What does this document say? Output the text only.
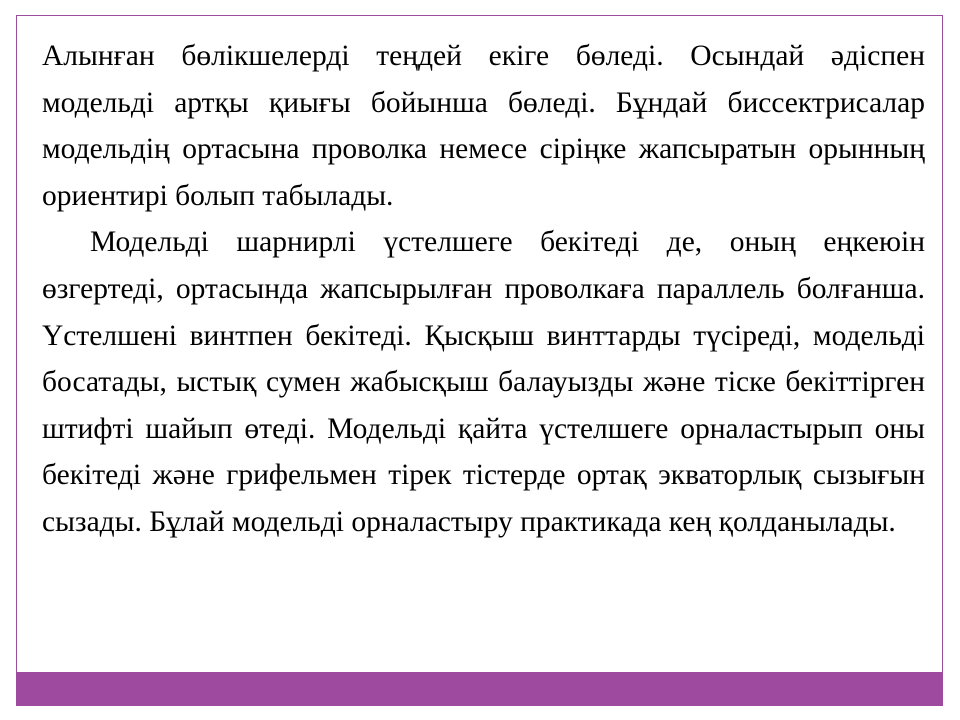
Алынған бөлікшелерді теңдей екіге бөледі. Осындай әдіспен модельді артқы қиығы бойынша бөледі. Бұндай биссектрисалар модельдің ортасына проволка немесе сіріңке жапсыратын орынның ориентирі болып табылады.

Модельді шарнирлі үстелшеге бекітеді де, оның еңкеюін өзгертеді, ортасында жапсырылған проволкаға параллель болғанша. Үстелшені винтпен бекітеді. Қысқыш винттарды түсіреді, модельді босатады, ыстық сумен жабысқыш балауызды және тіске бекіттірген штифті шайып өтеді. Модельді қайта үстелшеге орналастырып оны бекітеді және грифельмен тірек тістерде ортақ экваторлық сызығын сызады. Бұлай модельді орналастыру практикада кең қолданылады.
